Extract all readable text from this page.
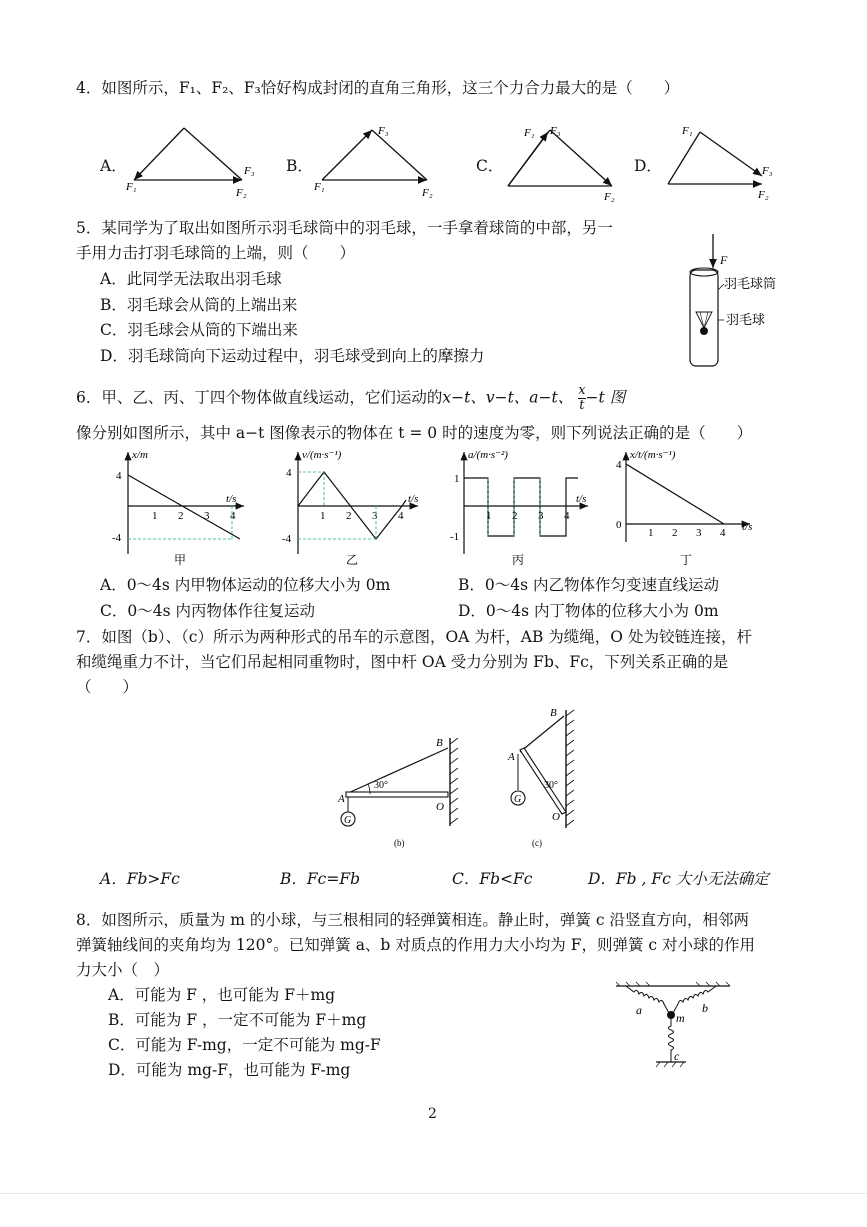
4．如图所示，F₁、F₂、F₃恰好构成封闭的直角三角形，这三个力合力最大的是（　　）
A．
F₁	F₂
F₃ B．
F₁	F₂
F₃
C．
F₁ F₃
F₂
D．
F₁
F₃
F₂
5．某同学为了取出如图所示羽毛球筒中的羽毛球，一手拿着球筒的中部，另一
手用力击打羽毛球筒的上端，则（　　）
A．此同学无法取出羽毛球
B．羽毛球会从筒的上端出来
C．羽毛球会从筒的下端出来
D．羽毛球筒向下运动过程中，羽毛球受到向上的摩擦力
F
羽毛球筒
羽毛球
6．甲、乙、丙、丁四个物体做直线运动，它们运动的x−t、v−t、a−t、 $\frac{x}{t} -t$ 图
像分别如图所示，其中 a−t 图像表示的物体在 t = 0 时的速度为零，则下列说法正确的是（　　）
x/m
t/s
4
-4
1 2 3 4
甲
v/(m·s⁻¹)
t/s
4
-4
1 2 3 4
乙
a/(m·s⁻²)
t/s
1
-1
1 2 3 4
丙
x/t/(m·s⁻¹)
t/s
4
0
1 2 3 4
丁
A．0～4s 内甲物体运动的位移大小为 0m	B．0～4s 内乙物体作匀变速直线运动
C．0～4s 内丙物体作往复运动	D．0～4s 内丁物体的位移大小为 0m
7．如图（b）、（c）所示为两种形式的吊车的示意图，OA 为杆，AB 为缆绳，O 处为铰链连接，杆
和缆绳重力不计，当它们吊起相同重物时，图中杆 OA 受力分别为 Fb、Fc，下列关系正确的是
（　　）
30°
B
A
O
G
(b)
30°
B
A
O
G
(c)
A．Fb>Fc	B．Fc=Fb	C．Fb<Fc	D．Fb , Fc 大小无法确定
8．如图所示，质量为 m 的小球，与三根相同的轻弹簧相连。静止时，弹簧 c 沿竖直方向，相邻两
弹簧轴线间的夹角均为 120°。已知弹簧 a、b 对质点的作用力大小均为 F，则弹簧 c 对小球的作用
力大小（　）
A．可能为 F ，也可能为 F＋mg
B．可能为 F ，一定不可能为 F＋mg
C．可能为 F-mg，一定不可能为 mg-F
D．可能为 mg-F，也可能为 F-mg
a	b
m
c
2
